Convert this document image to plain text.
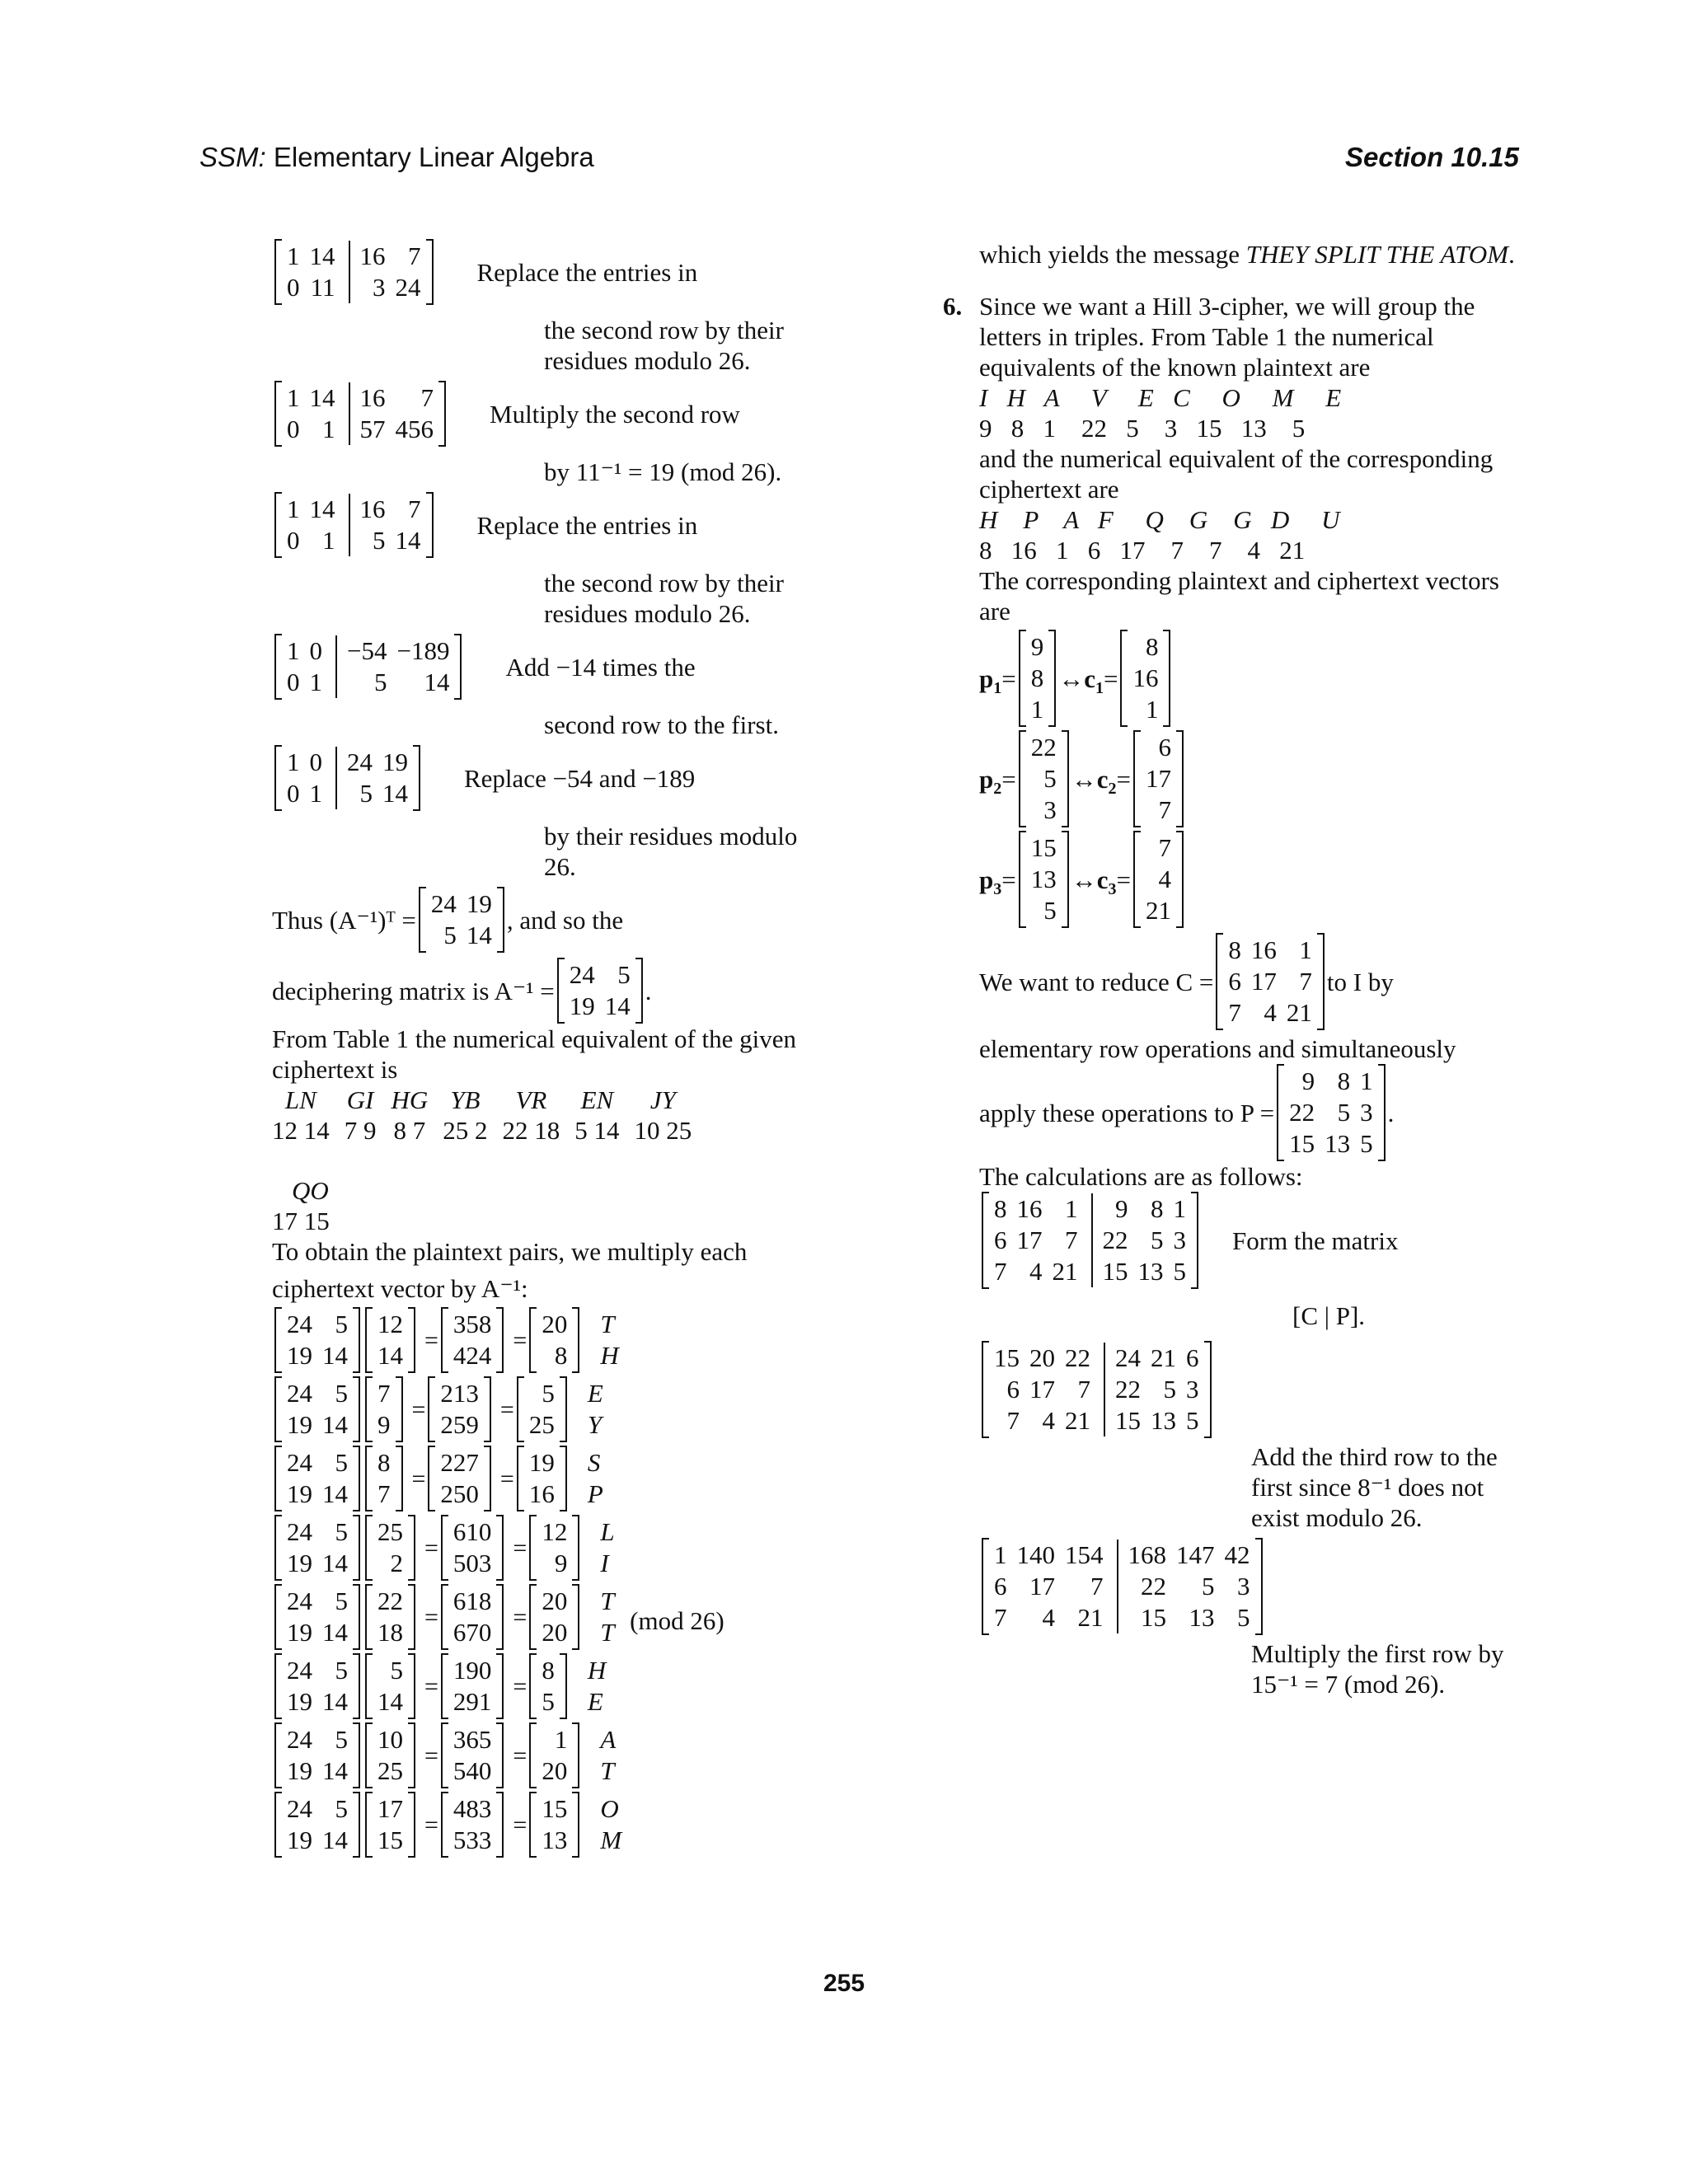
SSM: Elementary Linear Algebra	Section 10.15
1	14	16	7
0	11	3	24
Replace the entries in
the second row by their residues modulo 26.
1	14	16	7
0	1	57	456
Multiply the second row
by 11⁻¹ = 19 (mod 26).
1	14	16	7
0	1	5	14
Replace the entries in
the second row by their residues modulo 26.
1	0	−54	−189
0	1	5	14
Add −14 times the
second row to the first.
1	0	24	19
0	1	5	14
Replace −54 and −189
by their residues modulo 26.
Thus (A⁻¹)ᵀ =
24	19
5	14
, and so the
deciphering matrix is A⁻¹ =
24	5
19	14
.
From Table 1 the numerical equivalent of the given ciphertext is
LN
12 14
GI
7 9
HG
8 7
YB
25 2
VR
22 18
EN
5 14
JY
10 25
QO
17 15
To obtain the plaintext pairs, we multiply each
ciphertext vector by A⁻¹:
24	5
19	14
12
14
=
358
424
=
20
8
T
H
24	5
19	14
7
9
=
213
259
=
5
25
E
Y
24	5
19	14
8
7
=
227
250
=
19
16
S
P
24	5
19	14
25
2
=
610
503
=
12
9
L
I
24	5
19	14
22
18
=
618
670
=
20
20
T
T
24	5
19	14
5
14
=
190
291
=
8
5
H
E
24	5
19	14
10
25
=
365
540
=
1
20
A
T
24	5
19	14
17
15
=
483
533
=
15
13
O
M
(mod 26)
which yields the message THEY SPLIT THE ATOM.
6. Since we want a Hill 3-cipher, we will group the letters in triples. From Table 1 the numerical equivalents of the known plaintext are
I   H   A     V     E   C     O     M     E
9   8   1    22   5    3   15   13    5
and the numerical equivalent of the corresponding ciphertext are
H    P    A   F     Q    G    G   D     U
8   16   1   6   17    7    7    4   21
The corresponding plaintext and ciphertext vectors are
$p_1$ =
9
8
1
↔ $c_1$ =
8
16
1
$p_2$ =
22
5
3
↔ $c_2$ =
6
17
7
$p_3$ =
15
13
5
↔ $c_3$ =
7
4
21
We want to reduce C =
8	16	1
6	17	7
7	4	21
to I by
elementary row operations and simultaneously
apply these operations to P =
9	8	1
22	5	3
15	13	5
.
The calculations are as follows:
8	16	1	9	8	1
6	17	7	22	5	3
7	4	21	15	13	5
Form the matrix
[C | P].
15	20	22	24	21	6
6	17	7	22	5	3
7	4	21	15	13	5
Add the third row to the first since 8⁻¹ does not exist modulo 26.
1	140	154	168	147	42
6	17	7	22	5	3
7	4	21	15	13	5
Multiply the first row by 15⁻¹ = 7 (mod 26).
255
